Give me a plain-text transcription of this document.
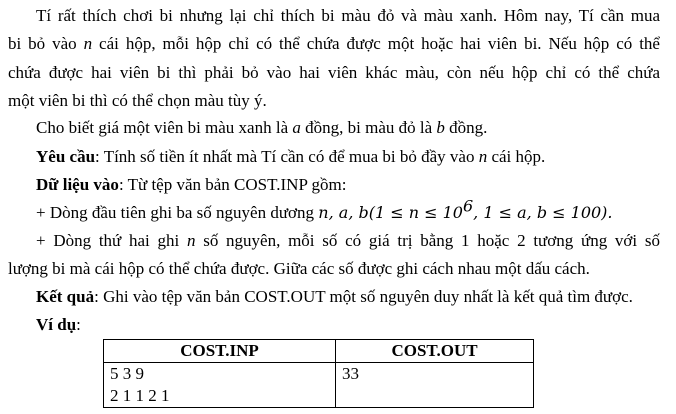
Tí rất thích chơi bi nhưng lại chỉ thích bi màu đỏ và màu xanh. Hôm nay, Tí cần mua
bi bỏ vào n cái hộp, mỗi hộp chỉ có thể chứa được một hoặc hai viên bi. Nếu hộp có thể
chứa được hai viên bi thì phải bỏ vào hai viên khác màu, còn nếu hộp chỉ có thể chứa
một viên bi thì có thể chọn màu tùy ý.
Cho biết giá một viên bi màu xanh là a đồng, bi màu đỏ là b đồng.
Yêu cầu: Tính số tiền ít nhất mà Tí cần có để mua bi bỏ đầy vào n cái hộp.
Dữ liệu vào: Từ tệp văn bản COST.INP gồm:
+ Dòng đầu tiên ghi ba số nguyên dương n, a, $b(1 \le n \le 10^6$, 1 ≤ a, b ≤ 100).
+ Dòng thứ hai ghi n số nguyên, mỗi số có giá trị bằng 1 hoặc 2 tương ứng với số
lượng bi mà cái hộp có thể chứa được. Giữa các số được ghi cách nhau một dấu cách.
Kết quả: Ghi vào tệp văn bản COST.OUT một số nguyên duy nhất là kết quả tìm được.
Ví dụ:
COST.INP	COST.OUT

5 3 9
2 1 1 2 1	33
